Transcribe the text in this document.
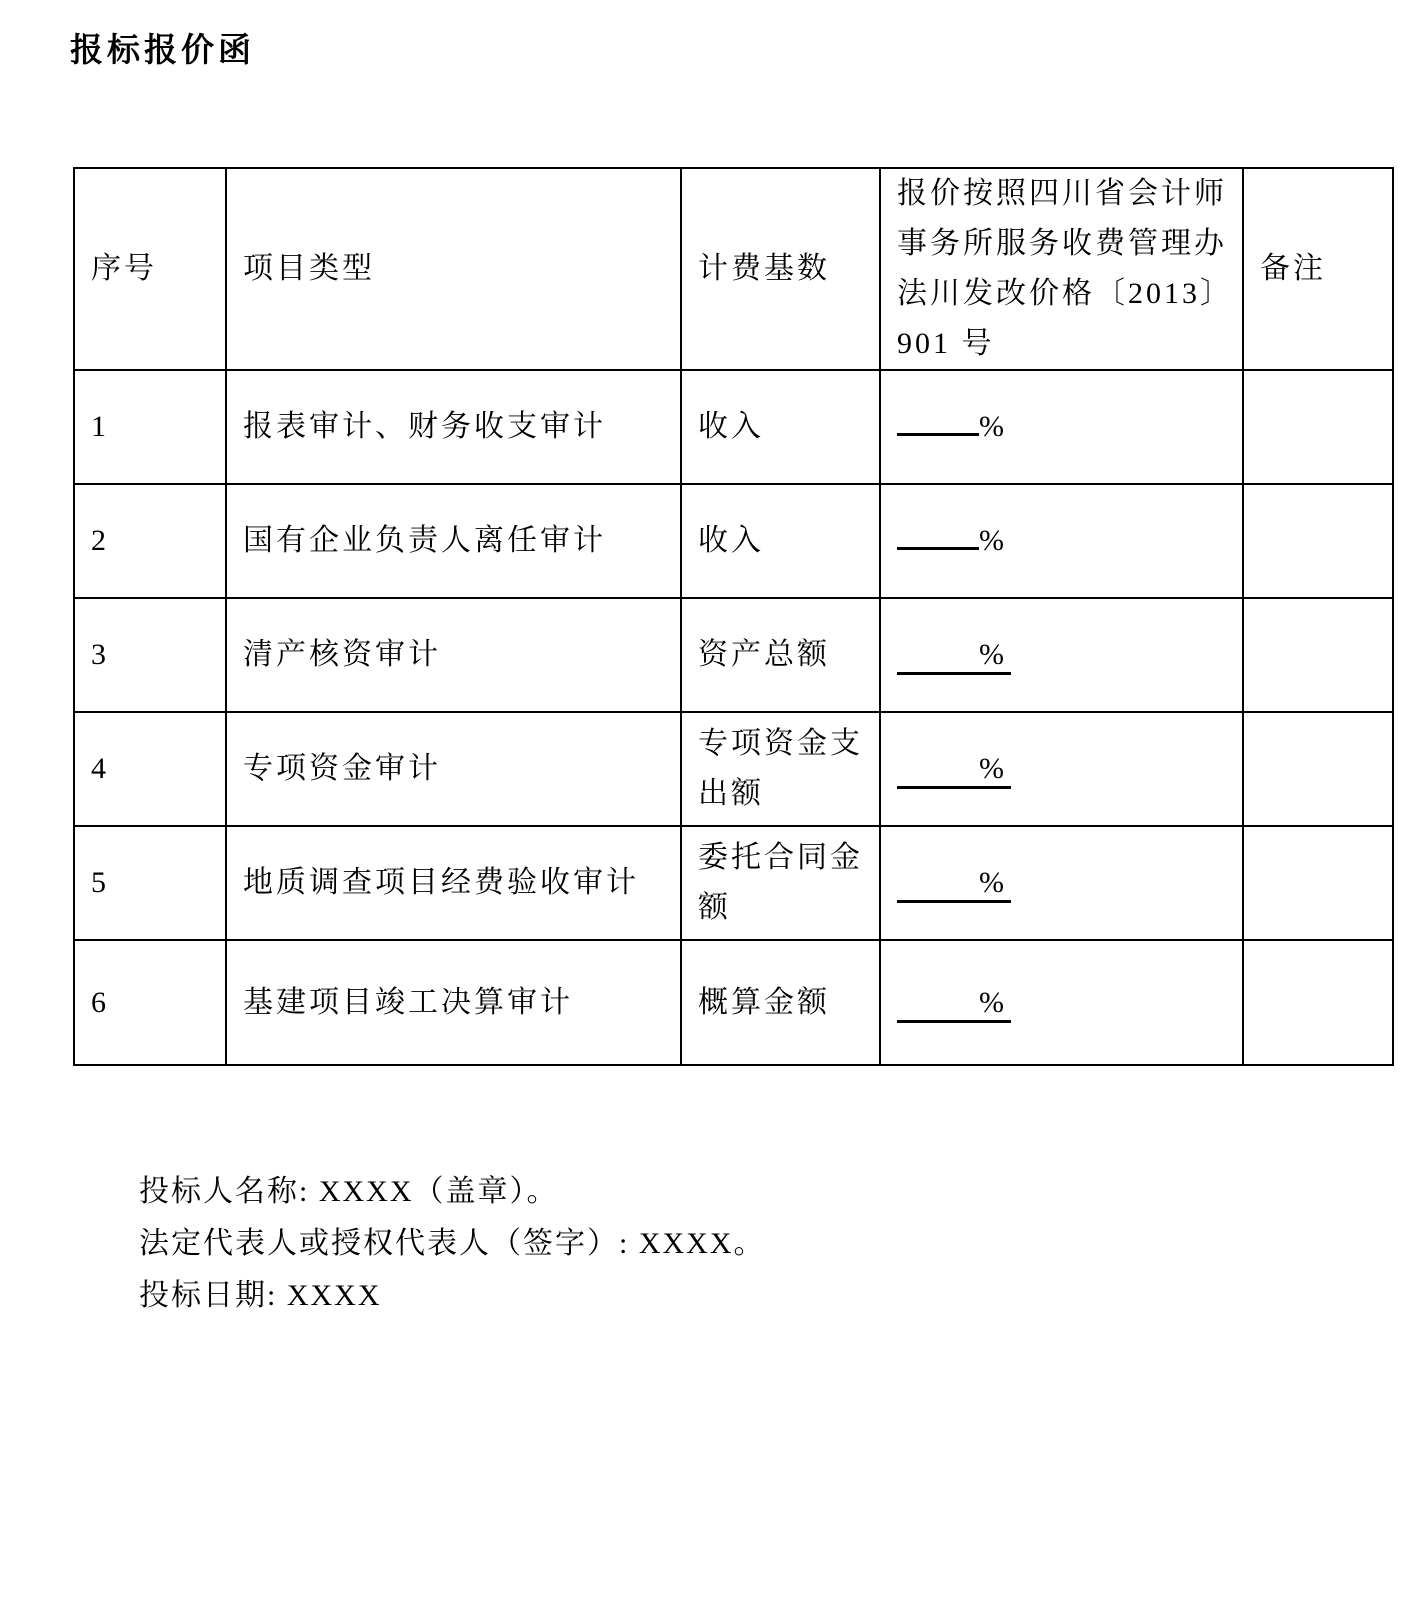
报标报价函
序号	项目类型	计费基数	报价按照四川省会计师事务所服务收费管理办法川发改价格〔2013〕901 号	备注
1	报表审计、财务收支审计	收入	%	
2	国有企业负责人离任审计	收入	%	
3	清产核资审计	资产总额	%	
4	专项资金审计	专项资金支出额	%	
5	地质调查项目经费验收审计	委托合同金额	%	
6	基建项目竣工决算审计	概算金额	%	
投标人名称: XXXX（盖章）。
法定代表人或授权代表人（签字）: XXXX。
投标日期: XXXX
